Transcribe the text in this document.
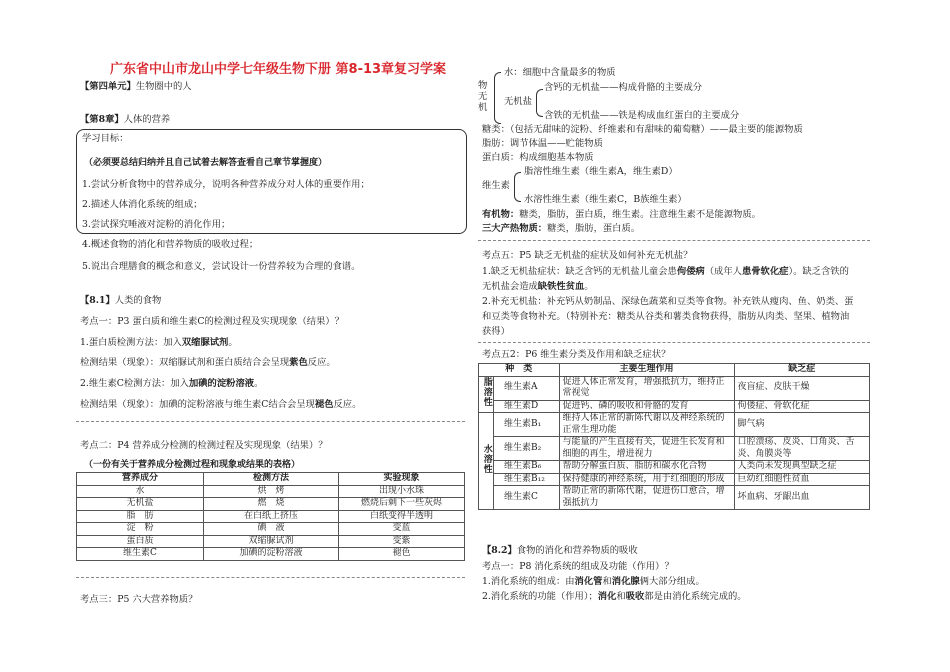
广东省中山市龙山中学七年级生物下册 第8-13章复习学案
【第四单元】生物圈中的人
【第8章】人体的营养
学习目标：
（必须要总结归纳并且自己试着去解答查看自己章节掌握度）
1.尝试分析食物中的营养成分，说明各种营养成分对人体的重要作用；
2.描述人体消化系统的组成；
3.尝试探究唾液对淀粉的消化作用；
4.概述食物的消化和营养物质的吸收过程；
5.说出合理膳食的概念和意义，尝试设计一份营养较为合理的食谱。
【8.1】人类的食物
考点一：P3 蛋白质和维生素C的检测过程及实现现象（结果）？
1.蛋白质检测方法：加入双缩脲试剂。
检测结果（现象）：双缩脲试剂和蛋白质结合会呈现紫色反应。
2.维生素C检测方法：加入加碘的淀粉溶液。
检测结果（现象）：加碘的淀粉溶液与维生素C结合会呈现褪色反应。
考点二：P4 营养成分检测的检测过程及实现现象（结果）？
（一份有关于营养成分检测过程和现象或结果的表格）
营养成分	检测方法	实验现象
水	烘　烤	出现小水珠
无机盐	燃　烧	燃烧后剩下一些灰烬
脂　肪	在白纸上挤压	白纸变得半透明
淀　粉	碘　液	变蓝
蛋白质	双缩脲试剂	变紫
维生素C	加碘的淀粉溶液	褪色
考点三：P5 六大营养物质？
物无机
水：细胞中含量最多的物质
无机盐
含钙的无机盐——构成骨骼的主要成分
含铁的无机盐——铁是构成血红蛋白的主要成分
糖类：（包括无甜味的淀粉、纤维素和有甜味的葡萄糖）——最主要的能源物质
脂肪：调节体温——贮能物质
蛋白质：构成细胞基本物质
维生素
脂溶性维生素（维生素A，维生素D）
水溶性维生素（维生素C，B族维生素）
有机物：糖类，脂肪，蛋白质，维生素。注意维生素不是能源物质。
三大产热物质：糖类，脂肪，蛋白质。
考点五：P5 缺乏无机盐的症状及如何补充无机盐？
1.缺乏无机盐症状：缺乏含钙的无机盐儿童会患佝偻病（成年人患骨软化症）。缺乏含铁的
无机盐会造成缺铁性贫血。
2.补充无机盐：补充钙从奶制品、深绿色蔬菜和豆类等食物。补充铁从瘦肉、鱼、奶类、蛋
和豆类等食物补充。（特别补充：糖类从谷类和薯类食物获得，脂肪从肉类、坚果、植物油
获得）
考点五2：P6 维生素分类及作用和缺乏症状？
种　类		主要生理作用	缺乏症
脂溶性	维生素A	促进人体正常发育，增强抵抗力，维持正常视觉	夜盲症、皮肤干燥
	维生素D	促进钙、磷的吸收和骨骼的发育	佝偻症、骨软化症
水溶性	维生素B₁	维持人体正常的新陈代谢以及神经系统的正常生理功能	脚气病
	维生素B₂	与能量的产生直接有关，促进生长发育和细胞的再生，增进视力	口腔溃疡、皮炎、口角炎、舌炎、角膜炎等
	维生素B₆	帮助分解蛋白质、脂肪和碳水化合物	人类尚未发现典型缺乏症
	维生素B₁₂	保持健康的神经系统，用于红细胞的形成	巨幼红细胞性贫血
	维生素C	帮助正常的新陈代谢，促进伤口愈合，增强抵抗力	坏血病、牙龈出血
【8.2】食物的消化和营养物质的吸收
考点一：P8 消化系统的组成及功能（作用）？
1.消化系统的组成：由消化管和消化腺俩大部分组成。
2.消化系统的功能（作用）；消化和吸收都是由消化系统完成的。
